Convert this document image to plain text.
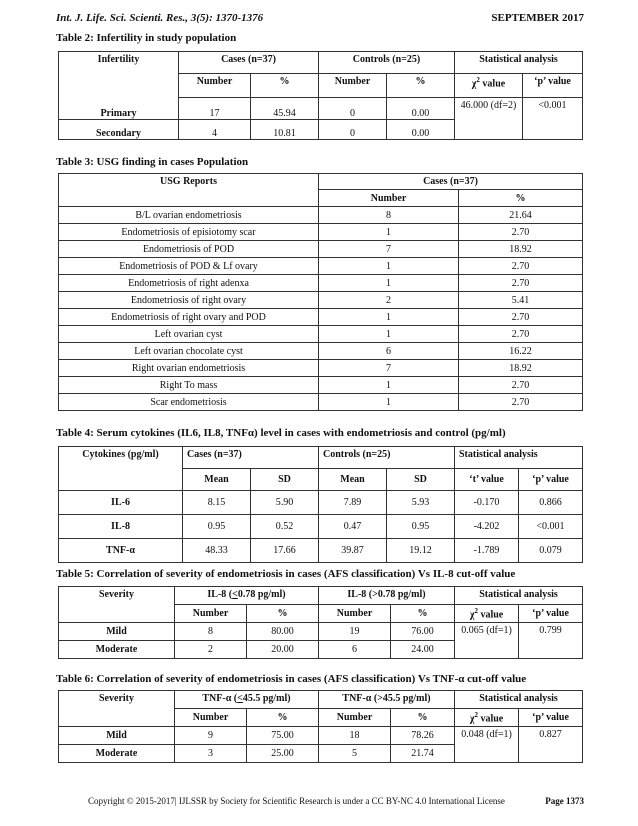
Int. J. Life. Sci. Scienti. Res., 3(5): 1370-1376	SEPTEMBER 2017
Table 2: Infertility in study population
Infertility	Cases (n=37)		Controls (n=25)		Statistical analysis	
	Number	%	Number	%	$\chi^2$ value	‘p’ value
Primary	17	45.94	0	0.00	46.000 (df=2)	<0.001
Secondary	4	10.81	0	0.00		
Table 3: USG finding in cases Population
USG Reports	Cases (n=37)	
	Number	%
B/L ovarian endometriosis	8	21.64
Endometriosis of episiotomy scar	1	2.70
Endometriosis of POD	7	18.92
Endometriosis of POD & Lf ovary	1	2.70
Endometriosis of right adenxa	1	2.70
Endometriosis of right ovary	2	5.41
Endometriosis of right ovary and POD	1	2.70
Left ovarian cyst	1	2.70
Left ovarian chocolate cyst	6	16.22
Right ovarian endometriosis	7	18.92
Right To mass	1	2.70
Scar endometriosis	1	2.70
Table 4: Serum cytokines (IL6, IL8, TNFα) level in cases with endometriosis and control (pg/ml)
Cytokines (pg/ml)	Cases (n=37)		Controls (n=25)		Statistical analysis	
	Mean	SD	Mean	SD	‘t’ value	‘p’ value
IL-6	8.15	5.90	7.89	5.93	-0.170	0.866
IL-8	0.95	0.52	0.47	0.95	-4.202	<0.001
TNF-α	48.33	17.66	39.87	19.12	-1.789	0.079
Table 5: Correlation of severity of endometriosis in cases (AFS classification) Vs IL-8 cut-off value
Severity	IL-8 (<0.78 pg/ml)		IL-8 (>0.78 pg/ml)		Statistical analysis	
	Number	%	Number	%	$\chi^2$ value	‘p’ value
Mild	8	80.00	19	76.00	0.065 (df=1)	0.799
Moderate	2	20.00	6	24.00		
Table 6: Correlation of severity of endometriosis in cases (AFS classification) Vs TNF-α cut-off value
Severity	TNF-α (<45.5 pg/ml)		TNF-α (>45.5 pg/ml)		Statistical analysis	
	Number	%	Number	%	$\chi^2$ value	‘p’ value
Mild	9	75.00	18	78.26	0.048 (df=1)	0.827
Moderate	3	25.00	5	21.74		
Copyright © 2015-2017| IJLSSR by Society for Scientific Research is under a CC BY-NC 4.0 International License	Page 1373
